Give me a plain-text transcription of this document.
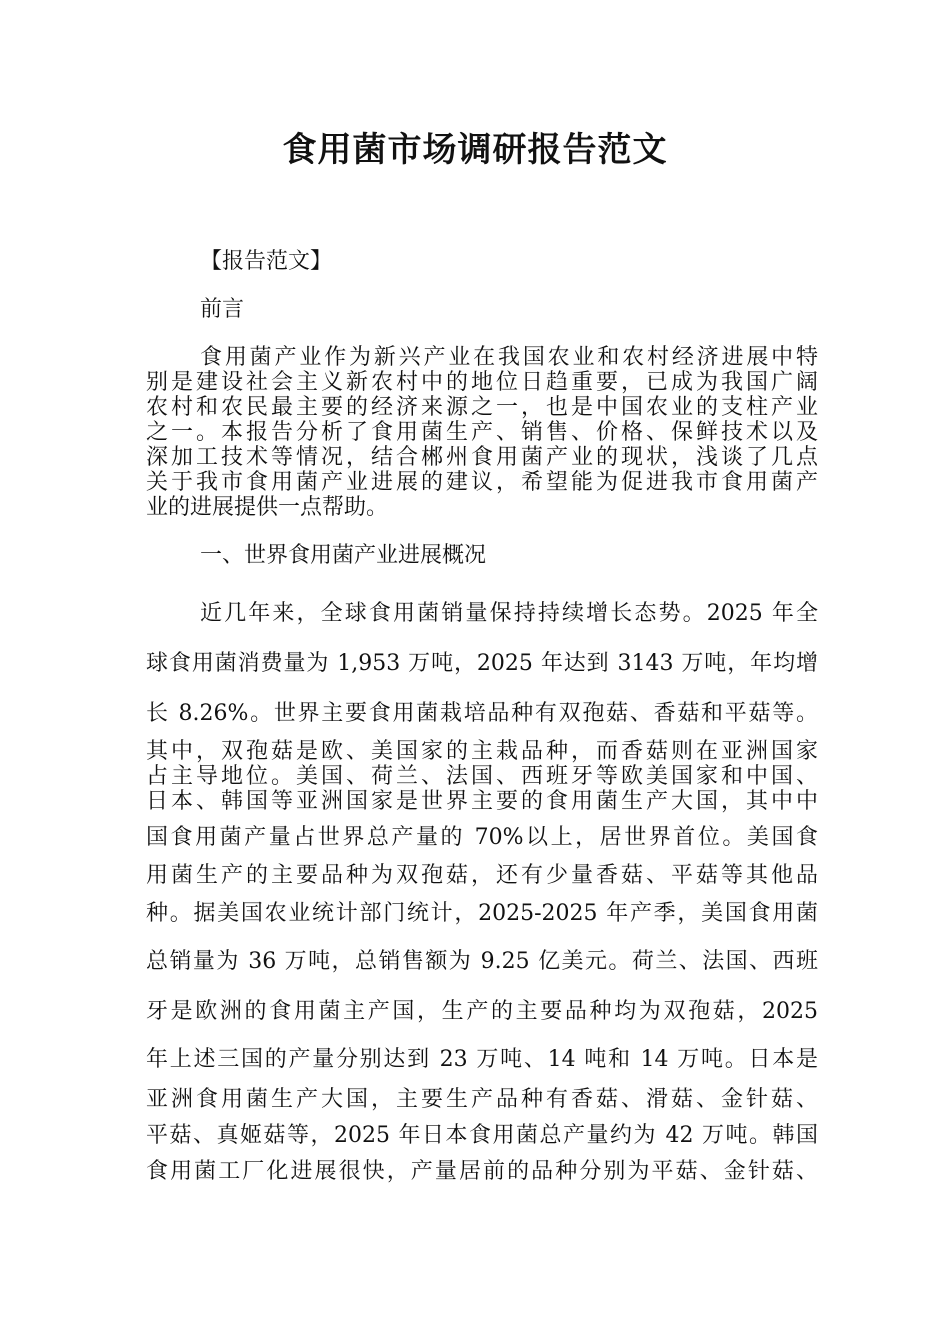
食用菌市场调研报告范文

【报告范文】

前言

食用菌产业作为新兴产业在我国农业和农村经济进展中特

别是建设社会主义新农村中的地位日趋重要，已成为我国广阔

农村和农民最主要的经济来源之一，也是中国农业的支柱产业

之一。本报告分析了食用菌生产、销售、价格、保鲜技术以及

深加工技术等情况，结合郴州食用菌产业的现状，浅谈了几点

关于我市食用菌产业进展的建议，希望能为促进我市食用菌产

业的进展提供一点帮助。

一、世界食用菌产业进展概况

近几年来，全球食用菌销量保持持续增长态势。2025 年全

球食用菌消费量为 1,953 万吨，2025 年达到 3143 万吨，年均增

长 8.26%。世界主要食用菌栽培品种有双孢菇、香菇和平菇等。

其中，双孢菇是欧、美国家的主栽品种，而香菇则在亚洲国家

占主导地位。美国、荷兰、法国、西班牙等欧美国家和中国、

日本、韩国等亚洲国家是世界主要的食用菌生产大国，其中中

国食用菌产量占世界总产量的 70%以上，居世界首位。美国食

用菌生产的主要品种为双孢菇，还有少量香菇、平菇等其他品

种。据美国农业统计部门统计，2025-2025 年产季，美国食用菌

总销量为 36 万吨，总销售额为 9.25 亿美元。荷兰、法国、西班

牙是欧洲的食用菌主产国，生产的主要品种均为双孢菇，2025

年上述三国的产量分别达到 23 万吨、14 吨和 14 万吨。日本是

亚洲食用菌生产大国，主要生产品种有香菇、滑菇、金针菇、

平菇、真姬菇等，2025 年日本食用菌总产量约为 42 万吨。韩国

食用菌工厂化进展很快，产量居前的品种分别为平菇、金针菇、
